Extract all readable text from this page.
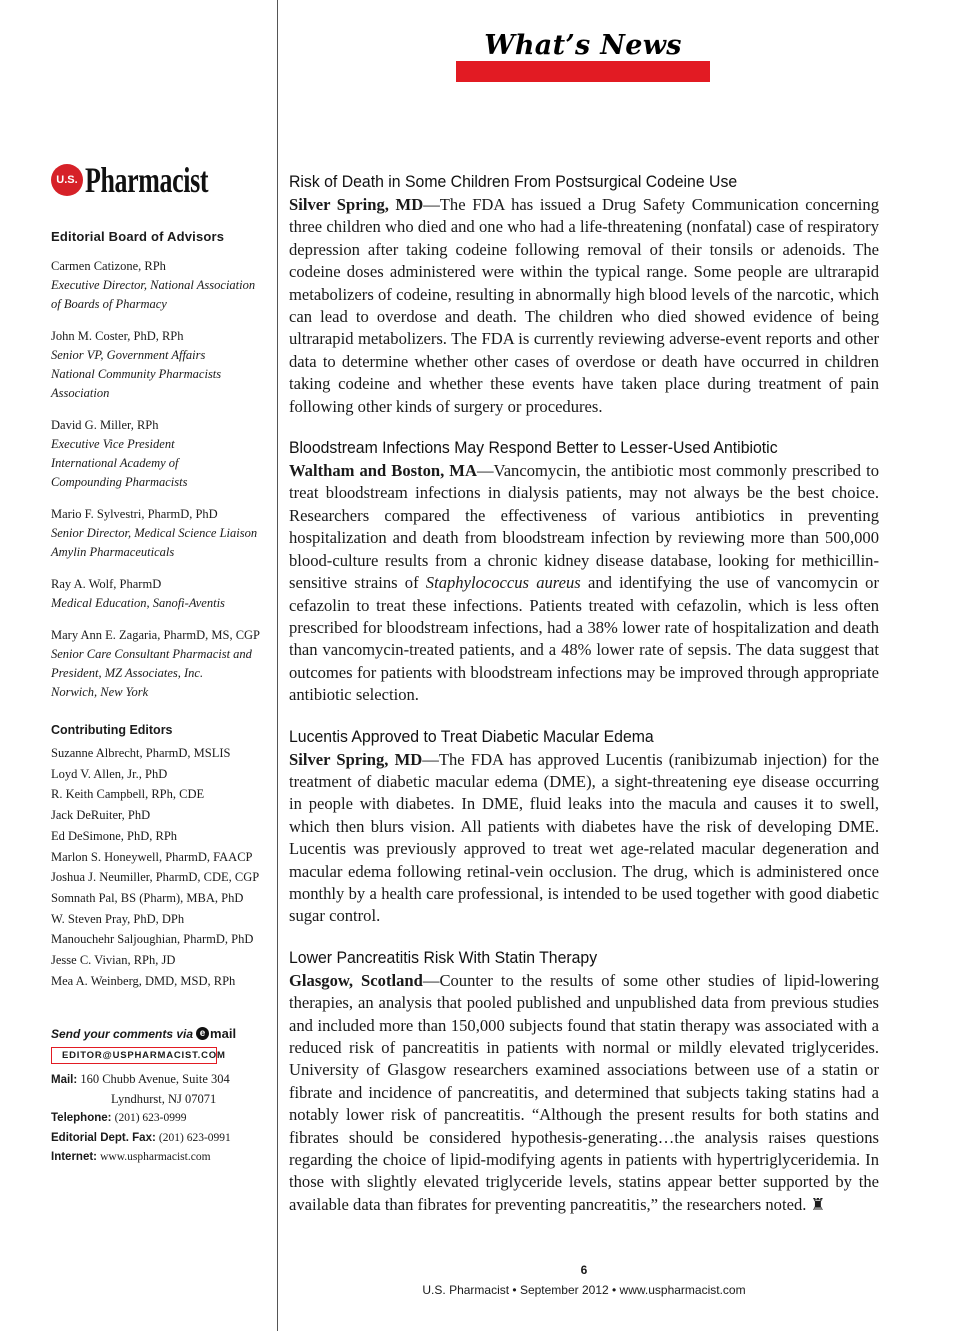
What’s News
U.S. Pharmacist
Editorial Board of Advisors
Carmen Catizone, RPh
Executive Director, National Association
of Boards of Pharmacy
John M. Coster, PhD, RPh
Senior VP, Government Affairs
National Community Pharmacists
Association
David G. Miller, RPh
Executive Vice President
International Academy of
Compounding Pharmacists
Mario F. Sylvestri, PharmD, PhD
Senior Director, Medical Science Liaison
Amylin Pharmaceuticals
Ray A. Wolf, PharmD
Medical Education, Sanofi-Aventis
Mary Ann E. Zagaria, PharmD, MS, CGP
Senior Care Consultant Pharmacist and
President, MZ Associates, Inc.
Norwich, New York
Contributing Editors
Suzanne Albrecht, PharmD, MSLIS
Loyd V. Allen, Jr., PhD
R. Keith Campbell, RPh, CDE
Jack DeRuiter, PhD
Ed DeSimone, PhD, RPh
Marlon S. Honeywell, PharmD, FAACP
Joshua J. Neumiller, PharmD, CDE, CGP
Somnath Pal, BS (Pharm), MBA, PhD
W. Steven Pray, PhD, DPh
Manouchehr Saljoughian, PharmD, PhD
Jesse C. Vivian, RPh, JD
Mea A. Weinberg, DMD, MSD, RPh
Send your comments via e mail
EDITOR@USPHARMACIST.COM
Mail: 160 Chubb Avenue, Suite 304
Lyndhurst, NJ 07071
Telephone: (201) 623-0999
Editorial Dept. Fax: (201) 623-0991
Internet: www.uspharmacist.com
Risk of Death in Some Children From Postsurgical Codeine Use
Silver Spring, MD—The FDA has issued a Drug Safety Communication concerning three children who died and one who had a life-threatening (nonfatal) case of respiratory depression after taking codeine following removal of their tonsils or adenoids. The codeine doses administered were within the typical range. Some people are ultrarapid metabolizers of codeine, resulting in abnormally high blood levels of the narcotic, which can lead to overdose and death. The children who died showed evidence of being ultrarapid metabolizers. The FDA is currently reviewing adverse-event reports and other data to determine whether other cases of overdose or death have occurred in children taking codeine and whether these events have taken place during treatment of pain following other kinds of surgery or procedures.
Bloodstream Infections May Respond Better to Lesser-Used Antibiotic
Waltham and Boston, MA—Vancomycin, the antibiotic most commonly prescribed to treat bloodstream infections in dialysis patients, may not always be the best choice. Researchers compared the effectiveness of various antibiotics in preventing hospitalization and death from bloodstream infection by reviewing more than 500,000 blood-culture results from a chronic kidney disease database, looking for methicillin-sensitive strains of Staphylococcus aureus and identifying the use of vancomycin or cefazolin to treat these infections. Patients treated with cefazolin, which is less often prescribed for bloodstream infections, had a 38% lower rate of hospitalization and death than vancomycin-treated patients, and a 48% lower rate of sepsis. The data suggest that outcomes for patients with bloodstream infections may be improved through appropriate antibiotic selection.
Lucentis Approved to Treat Diabetic Macular Edema
Silver Spring, MD—The FDA has approved Lucentis (ranibizumab injection) for the treatment of diabetic macular edema (DME), a sight-threatening eye disease occurring in people with diabetes. In DME, fluid leaks into the macula and causes it to swell, which then blurs vision. All patients with diabetes have the risk of developing DME. Lucentis was previously approved to treat wet age-related macular degeneration and macular edema following retinal-vein occlusion. The drug, which is administered once monthly by a health care professional, is intended to be used together with good diabetic sugar control.
Lower Pancreatitis Risk With Statin Therapy
Glasgow, Scotland—Counter to the results of some other studies of lipid-lowering therapies, an analysis that pooled published and unpublished data from previous studies and included more than 150,000 subjects found that statin therapy was associated with a reduced risk of pancreatitis in patients with normal or mildly elevated triglycerides. University of Glasgow researchers examined associations between use of a statin or fibrate and incidence of pancreatitis, and determined that subjects taking statins had a notably lower risk of pancreatitis. “Although the present results for both statins and fibrates should be considered hypothesis-generating…the analysis raises questions regarding the choice of lipid-modifying agents in patients with hypertriglyceridemia. In those with slightly elevated triglyceride levels, statins appear better supported by the available data than fibrates for preventing pancreatitis,” the researchers noted. ♜
6
U.S. Pharmacist • September 2012 • www.uspharmacist.com
